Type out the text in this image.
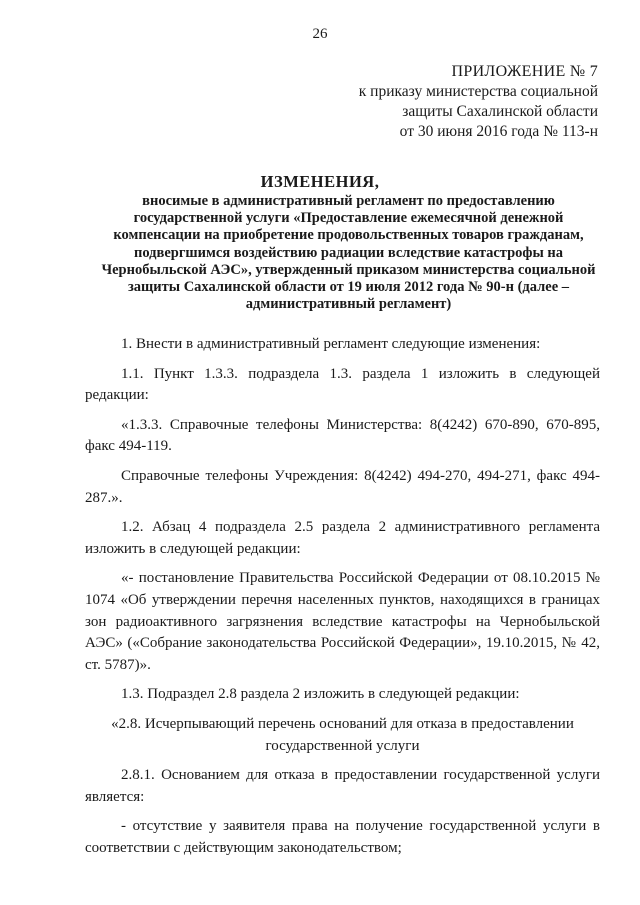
26
ПРИЛОЖЕНИЕ № 7
к приказу министерства социальной
защиты Сахалинской области
от 30 июня 2016 года № 113-н
ИЗМЕНЕНИЯ,
вносимые в административный регламент по предоставлению государственной услуги «Предоставление ежемесячной денежной компенсации на приобретение продовольственных товаров гражданам, подвергшимся воздействию радиации вследствие катастрофы на Чернобыльской АЭС», утвержденный приказом министерства социальной защиты Сахалинской области от 19 июля 2012 года № 90-н (далее – административный регламент)

1. Внести в административный регламент следующие изменения:

1.1. Пункт 1.3.3. подраздела 1.3. раздела 1 изложить в следующей редакции:

«1.3.3. Справочные телефоны Министерства: 8(4242) 670-890, 670-895, факс 494-119.

Справочные телефоны Учреждения: 8(4242) 494-270, 494-271, факс 494-287.».

1.2. Абзац 4 подраздела 2.5 раздела 2 административного регламента изложить в следующей редакции:

«- постановление Правительства Российской Федерации от 08.10.2015 № 1074 «Об утверждении перечня населенных пунктов, находящихся в границах зон радиоактивного загрязнения вследствие катастрофы на Чернобыльской АЭС» («Собрание законодательства Российской Федерации», 19.10.2015, № 42, ст. 5787)».

1.3. Подраздел 2.8 раздела 2 изложить в следующей редакции:

«2.8. Исчерпывающий перечень оснований для отказа в предоставлении государственной услуги

2.8.1. Основанием для отказа в предоставлении государственной услуги является:

- отсутствие у заявителя права на получение государственной услуги в соответствии с действующим законодательством;
